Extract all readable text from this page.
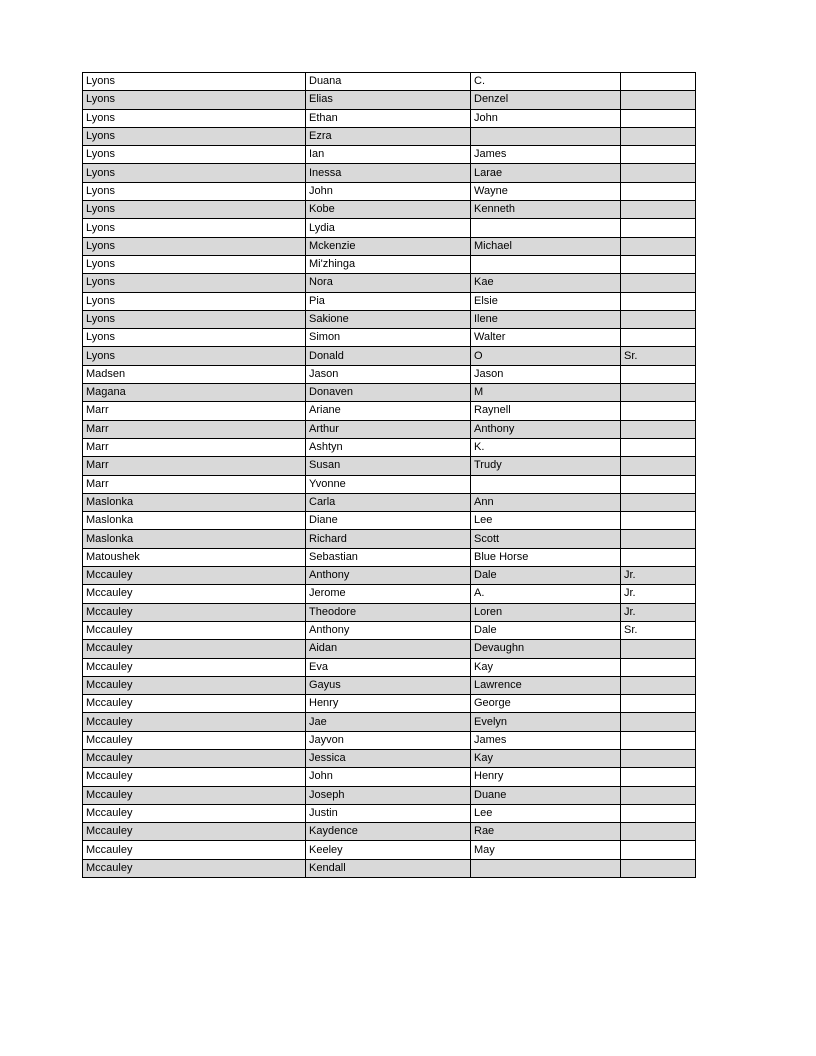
Lyons	Duana	C.	
Lyons	Elias	Denzel	
Lyons	Ethan	John	
Lyons	Ezra		
Lyons	Ian	James	
Lyons	Inessa	Larae	
Lyons	John	Wayne	
Lyons	Kobe	Kenneth	
Lyons	Lydia		
Lyons	Mckenzie	Michael	
Lyons	Mi'zhinga		
Lyons	Nora	Kae	
Lyons	Pia	Elsie	
Lyons	Sakione	Ilene	
Lyons	Simon	Walter	
Lyons	Donald	O	Sr.
Madsen	Jason	Jason	
Magana	Donaven	M	
Marr	Ariane	Raynell	
Marr	Arthur	Anthony	
Marr	Ashtyn	K.	
Marr	Susan	Trudy	
Marr	Yvonne		
Maslonka	Carla	Ann	
Maslonka	Diane	Lee	
Maslonka	Richard	Scott	
Matoushek	Sebastian	Blue Horse	
Mccauley	Anthony	Dale	Jr.
Mccauley	Jerome	A.	Jr.
Mccauley	Theodore	Loren	Jr.
Mccauley	Anthony	Dale	Sr.
Mccauley	Aidan	Devaughn	
Mccauley	Eva	Kay	
Mccauley	Gayus	Lawrence	
Mccauley	Henry	George	
Mccauley	Jae	Evelyn	
Mccauley	Jayvon	James	
Mccauley	Jessica	Kay	
Mccauley	John	Henry	
Mccauley	Joseph	Duane	
Mccauley	Justin	Lee	
Mccauley	Kaydence	Rae	
Mccauley	Keeley	May	
Mccauley	Kendall		
